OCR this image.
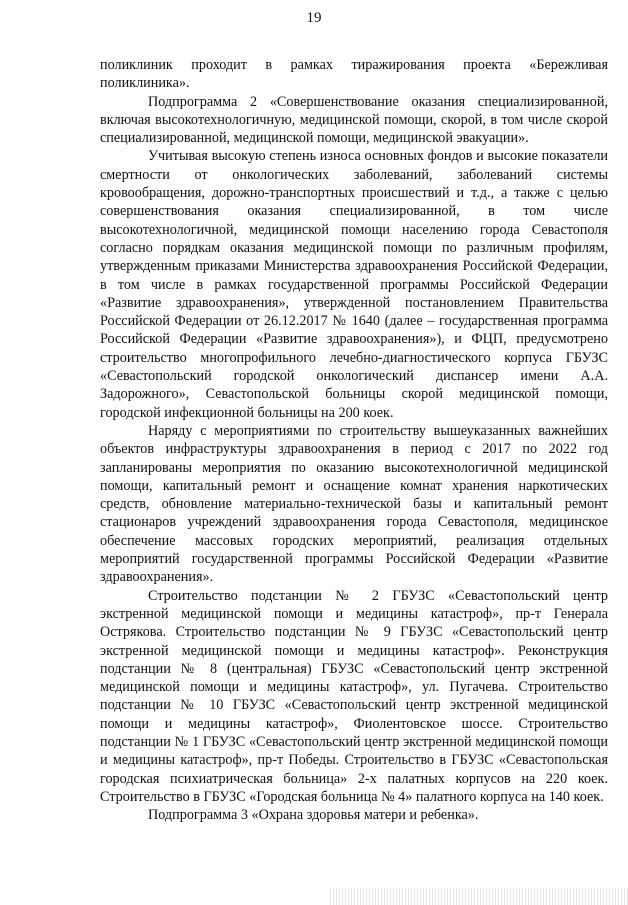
19

поликлиник проходит в рамках тиражирования проекта «Бережливая поликлиника».

Подпрограмма 2 «Совершенствование оказания специализированной, включая высокотехнологичную, медицинской помощи, скорой, в том числе скорой специализированной, медицинской помощи, медицинской эвакуации».

Учитывая высокую степень износа основных фондов и высокие показатели смертности от онкологических заболеваний, заболеваний системы кровообращения, дорожно-транспортных происшествий и т.д., а также с целью совершенствования оказания специализированной, в том числе высокотехнологичной, медицинской помощи населению города Севастополя согласно порядкам оказания медицинской помощи по различным профилям, утвержденным приказами Министерства здравоохранения Российской Федерации, в том числе в рамках государственной программы Российской Федерации «Развитие здравоохранения», утвержденной постановлением Правительства Российской Федерации от 26.12.2017 № 1640 (далее – государственная программа Российской Федерации «Развитие здравоохранения»), и ФЦП, предусмотрено строительство многопрофильного лечебно-диагностического корпуса ГБУЗС «Севастопольский городской онкологический диспансер имени А.А. Задорожного», Севастопольской больницы скорой медицинской помощи, городской инфекционной больницы на 200 коек.

Наряду с мероприятиями по строительству вышеуказанных важнейших объектов инфраструктуры здравоохранения в период с 2017 по 2022 год запланированы мероприятия по оказанию высокотехнологичной медицинской помощи, капитальный ремонт и оснащение комнат хранения наркотических средств, обновление материально-технической базы и капитальный ремонт стационаров учреждений здравоохранения города Севастополя, медицинское обеспечение массовых городских мероприятий, реализация отдельных мероприятий государственной программы Российской Федерации «Развитие здравоохранения».

Строительство подстанции № 2 ГБУЗС «Севастопольский центр экстренной медицинской помощи и медицины катастроф», пр-т Генерала Острякова. Строительство подстанции № 9 ГБУЗС «Севастопольский центр экстренной медицинской помощи и медицины катастроф». Реконструкция подстанции № 8 (центральная) ГБУЗС «Севастопольский центр экстренной медицинской помощи и медицины катастроф», ул. Пугачева. Строительство подстанции № 10 ГБУЗС «Севастопольский центр экстренной медицинской помощи и медицины катастроф», Фиолентовское шоссе. Строительство подстанции № 1 ГБУЗС «Севастопольский центр экстренной медицинской помощи и медицины катастроф», пр-т Победы. Строительство в ГБУЗС «Севастопольская городская психиатрическая больница» 2-х палатных корпусов на 220 коек. Строительство в ГБУЗС «Городская больница № 4» палатного корпуса на 140 коек.

Подпрограмма 3 «Охрана здоровья матери и ребенка».
